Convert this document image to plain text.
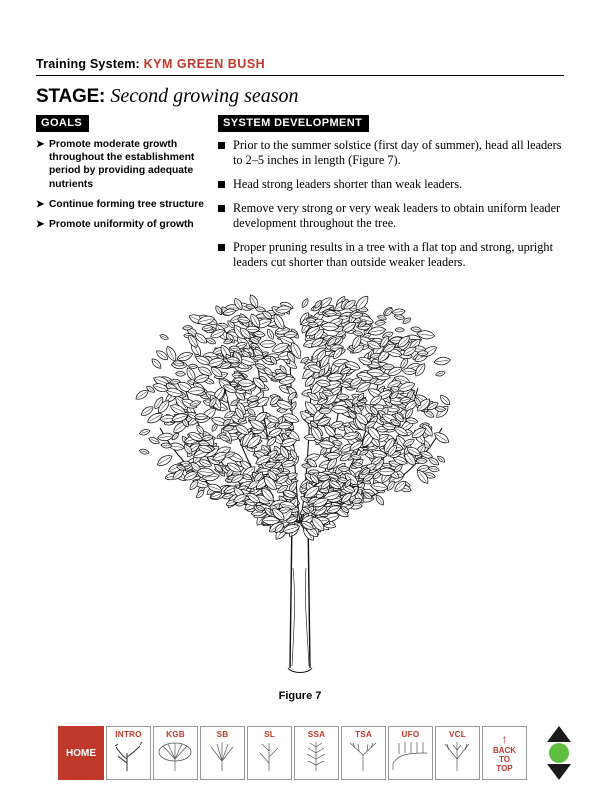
Training System: KYM GREEN BUSH
STAGE: Second growing season
GOALS
➤ Promote moderate growth throughout the establishment period by providing adequate nutrients
➤ Continue forming tree structure
➤ Promote uniformity of growth
SYSTEM DEVELOPMENT
Prior to the summer solstice (first day of summer), head all leaders to 2–5 inches in length (Figure 7).
Head strong leaders shorter than weak leaders.
Remove very strong or very weak leaders to obtain uniform leader development throughout the tree.
Proper pruning results in a tree with a flat top and strong, upright leaders cut shorter than outside weaker leaders.
Figure 7
HOME
INTRO	KGB	SB	SL	SSA	TSA	UFO	VCL	↑
BACK
TO
TOP
